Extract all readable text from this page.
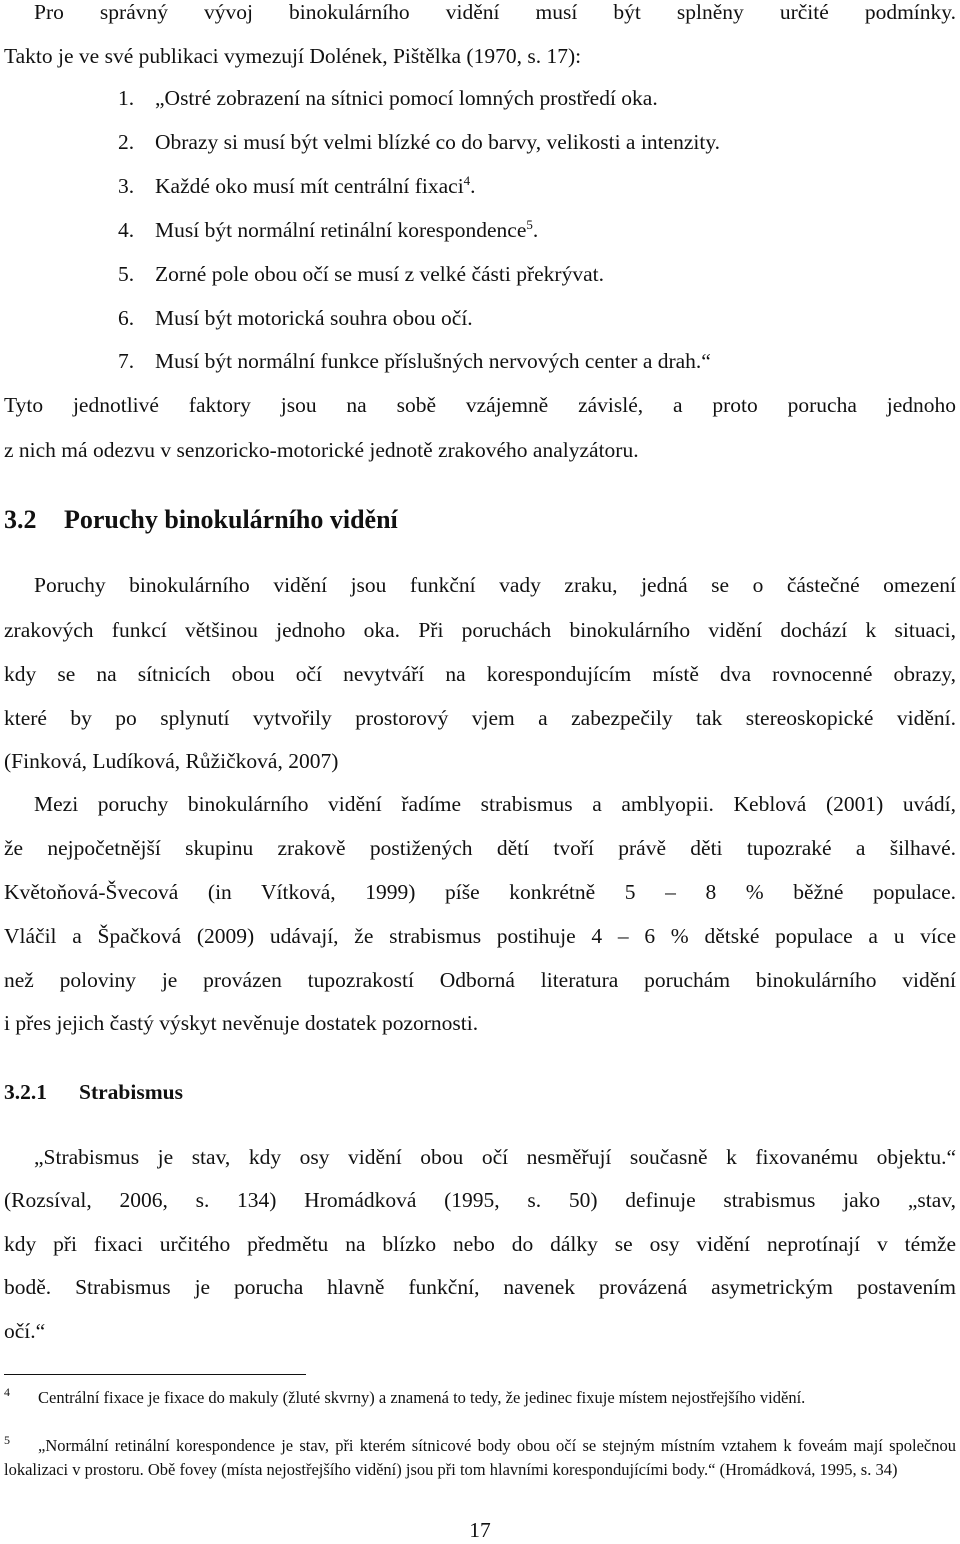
Pro správný vývoj binokulárního vidění musí být splněny určité podmínky.

Takto je ve své publikaci vymezují Dolének, Pištělka (1970, s. 17):

1. „Ostré zobrazení na sítnici pomocí lomných prostředí oka.
2. Obrazy si musí být velmi blízké co do barvy, velikosti a intenzity.
3. Každé oko musí mít centrální fixaci$^4$.
4. Musí být normální retinální korespondence$^5$.
5. Zorné pole obou očí se musí z velké části překrývat.
6. Musí být motorická souhra obou očí.
7. Musí být normální funkce příslušných nervových center a drah.“

Tyto jednotlivé faktory jsou na sobě vzájemně závislé, a proto porucha jednoho

z nich má odezvu v senzoricko-motorické jednotě zrakového analyzátoru.

3.2 Poruchy binokulárního vidění

Poruchy binokulárního vidění jsou funkční vady zraku, jedná se o částečné omezení

zrakových funkcí většinou jednoho oka. Při poruchách binokulárního vidění dochází k situaci,

kdy se na sítnicích obou očí nevytváří na korespondujícím místě dva rovnocenné obrazy,

které by po splynutí vytvořily prostorový vjem a zabezpečily tak stereoskopické vidění.

(Finková, Ludíková, Růžičková, 2007)

Mezi poruchy binokulárního vidění řadíme strabismus a amblyopii. Keblová (2001) uvádí,

že nejpočetnější skupinu zrakově postižených dětí tvoří právě děti tupozraké a šilhavé.

Květoňová-Švecová (in Vítková, 1999) píše konkrétně 5 – 8 % běžné populace.

Vláčil a Špačková (2009) udávají, že strabismus postihuje 4 – 6 % dětské populace a u více

než poloviny je provázen tupozrakostí Odborná literatura poruchám binokulárního vidění

i přes jejich častý výskyt nevěnuje dostatek pozornosti.

3.2.1 Strabismus

„Strabismus je stav, kdy osy vidění obou očí nesměřují současně k fixovanému objektu.“

(Rozsíval, 2006, s. 134) Hromádková (1995, s. 50) definuje strabismus jako „stav,

kdy při fixaci určitého předmětu na blízko nebo do dálky se osy vidění neprotínají v témže

bodě. Strabismus je porucha hlavně funkční, navenek provázená asymetrickým postavením

očí.“

4	Centrální fixace je fixace do makuly (žluté skvrny) a znamená to tedy, že jedinec fixuje místem nejostřejšího vidění.
5	„Normální retinální korespondence je stav, při kterém sítnicové body obou očí se stejným místním vztahem k foveám mají společnou lokalizaci v prostoru. Obě fovey (místa nejostřejšího vidění) jsou při tom hlavními korespondujícími body.“ (Hromádková, 1995, s. 34)
17
